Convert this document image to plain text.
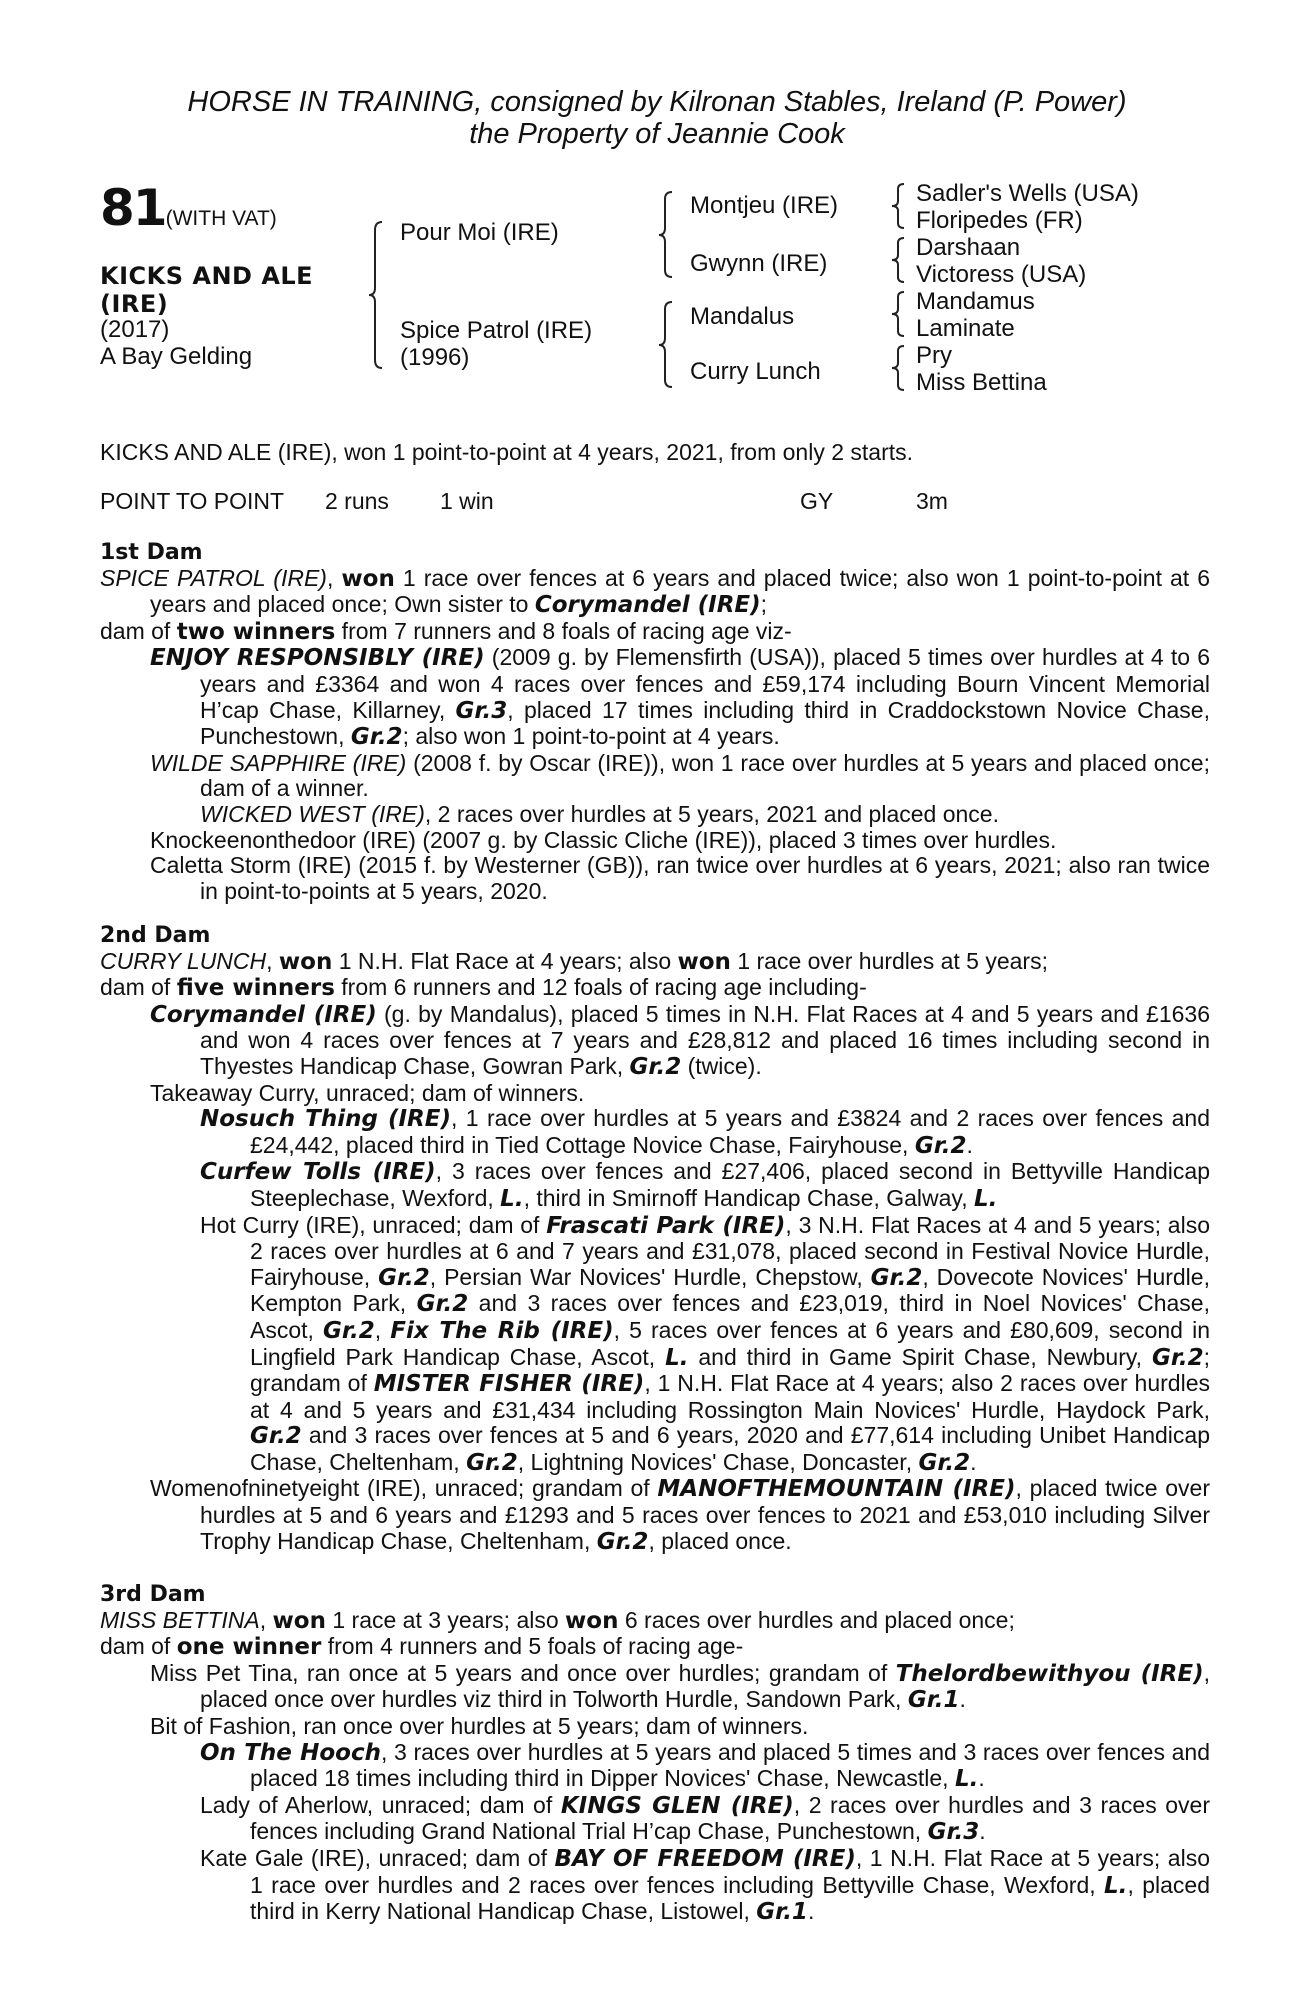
HORSE IN TRAINING, consigned by Kilronan Stables, Ireland (P. Power)
the Property of Jeannie Cook
81(WITH VAT)
KICKS AND ALE
(IRE)
(2017)
A Bay Gelding
Pour Moi (IRE)
Spice Patrol (IRE)
(1996)
Montjeu (IRE)
Gwynn (IRE)
Mandalus
Curry Lunch
Sadler's Wells (USA)
Floripedes (FR)
Darshaan
Victoress (USA)
Mandamus
Laminate
Pry
Miss Bettina
KICKS AND ALE (IRE), won 1 point-to-point at 4 years, 2021, from only 2 starts.
POINT TO POINT 2 runs 1 win	GY	3m

1st Dam

SPICE PATROL (IRE), won 1 race over fences at 6 years and placed twice; also won 1 point-to-point at 6 years and placed once; Own sister to Corymandel (IRE);

dam of two winners from 7 runners and 8 foals of racing age viz-

ENJOY RESPONSIBLY (IRE) (2009 g. by Flemensfirth (USA)), placed 5 times over hurdles at 4 to 6 years and £3364 and won 4 races over fences and £59,174 including Bourn Vincent Memorial H’cap Chase, Killarney, Gr.3, placed 17 times including third in Craddockstown Novice Chase, Punchestown, Gr.2; also won 1 point-to-point at 4 years.

WILDE SAPPHIRE (IRE) (2008 f. by Oscar (IRE)), won 1 race over hurdles at 5 years and placed once; dam of a winner.

WICKED WEST (IRE), 2 races over hurdles at 5 years, 2021 and placed once.

Knockeenonthedoor (IRE) (2007 g. by Classic Cliche (IRE)), placed 3 times over hurdles.

Caletta Storm (IRE) (2015 f. by Westerner (GB)), ran twice over hurdles at 6 years, 2021; also ran twice in point-to-points at 5 years, 2020.

2nd Dam

CURRY LUNCH, won 1 N.H. Flat Race at 4 years; also won 1 race over hurdles at 5 years;

dam of five winners from 6 runners and 12 foals of racing age including-

Corymandel (IRE) (g. by Mandalus), placed 5 times in N.H. Flat Races at 4 and 5 years and £1636 and won 4 races over fences at 7 years and £28,812 and placed 16 times including second in Thyestes Handicap Chase, Gowran Park, Gr.2 (twice).

Takeaway Curry, unraced; dam of winners.

Nosuch Thing (IRE), 1 race over hurdles at 5 years and £3824 and 2 races over fences and £24,442, placed third in Tied Cottage Novice Chase, Fairyhouse, Gr.2.

Curfew Tolls (IRE), 3 races over fences and £27,406, placed second in Bettyville Handicap Steeplechase, Wexford, L., third in Smirnoff Handicap Chase, Galway, L.

Hot Curry (IRE), unraced; dam of Frascati Park (IRE), 3 N.H. Flat Races at 4 and 5 years; also 2 races over hurdles at 6 and 7 years and £31,078, placed second in Festival Novice Hurdle, Fairyhouse, Gr.2, Persian War Novices' Hurdle, Chepstow, Gr.2, Dovecote Novices' Hurdle, Kempton Park, Gr.2 and 3 races over fences and £23,019, third in Noel Novices' Chase, Ascot, Gr.2, Fix The Rib (IRE), 5 races over fences at 6 years and £80,609, second in Lingfield Park Handicap Chase, Ascot, L. and third in Game Spirit Chase, Newbury, Gr.2; grandam of MISTER FISHER (IRE), 1 N.H. Flat Race at 4 years; also 2 races over hurdles at 4 and 5 years and £31,434 including Rossington Main Novices' Hurdle, Haydock Park, Gr.2 and 3 races over fences at 5 and 6 years, 2020 and £77,614 including Unibet Handicap Chase, Cheltenham, Gr.2, Lightning Novices' Chase, Doncaster, Gr.2.

Womenofninetyeight (IRE), unraced; grandam of MANOFTHEMOUNTAIN (IRE), placed twice over hurdles at 5 and 6 years and £1293 and 5 races over fences to 2021 and £53,010 including Silver Trophy Handicap Chase, Cheltenham, Gr.2, placed once.

3rd Dam

MISS BETTINA, won 1 race at 3 years; also won 6 races over hurdles and placed once;

dam of one winner from 4 runners and 5 foals of racing age-

Miss Pet Tina, ran once at 5 years and once over hurdles; grandam of Thelordbewithyou (IRE), placed once over hurdles viz third in Tolworth Hurdle, Sandown Park, Gr.1.

Bit of Fashion, ran once over hurdles at 5 years; dam of winners.

On The Hooch, 3 races over hurdles at 5 years and placed 5 times and 3 races over fences and placed 18 times including third in Dipper Novices' Chase, Newcastle, L..

Lady of Aherlow, unraced; dam of KINGS GLEN (IRE), 2 races over hurdles and 3 races over fences including Grand National Trial H’cap Chase, Punchestown, Gr.3.

Kate Gale (IRE), unraced; dam of BAY OF FREEDOM (IRE), 1 N.H. Flat Race at 5 years; also 1 race over hurdles and 2 races over fences including Bettyville Chase, Wexford, L., placed third in Kerry National Handicap Chase, Listowel, Gr.1.
